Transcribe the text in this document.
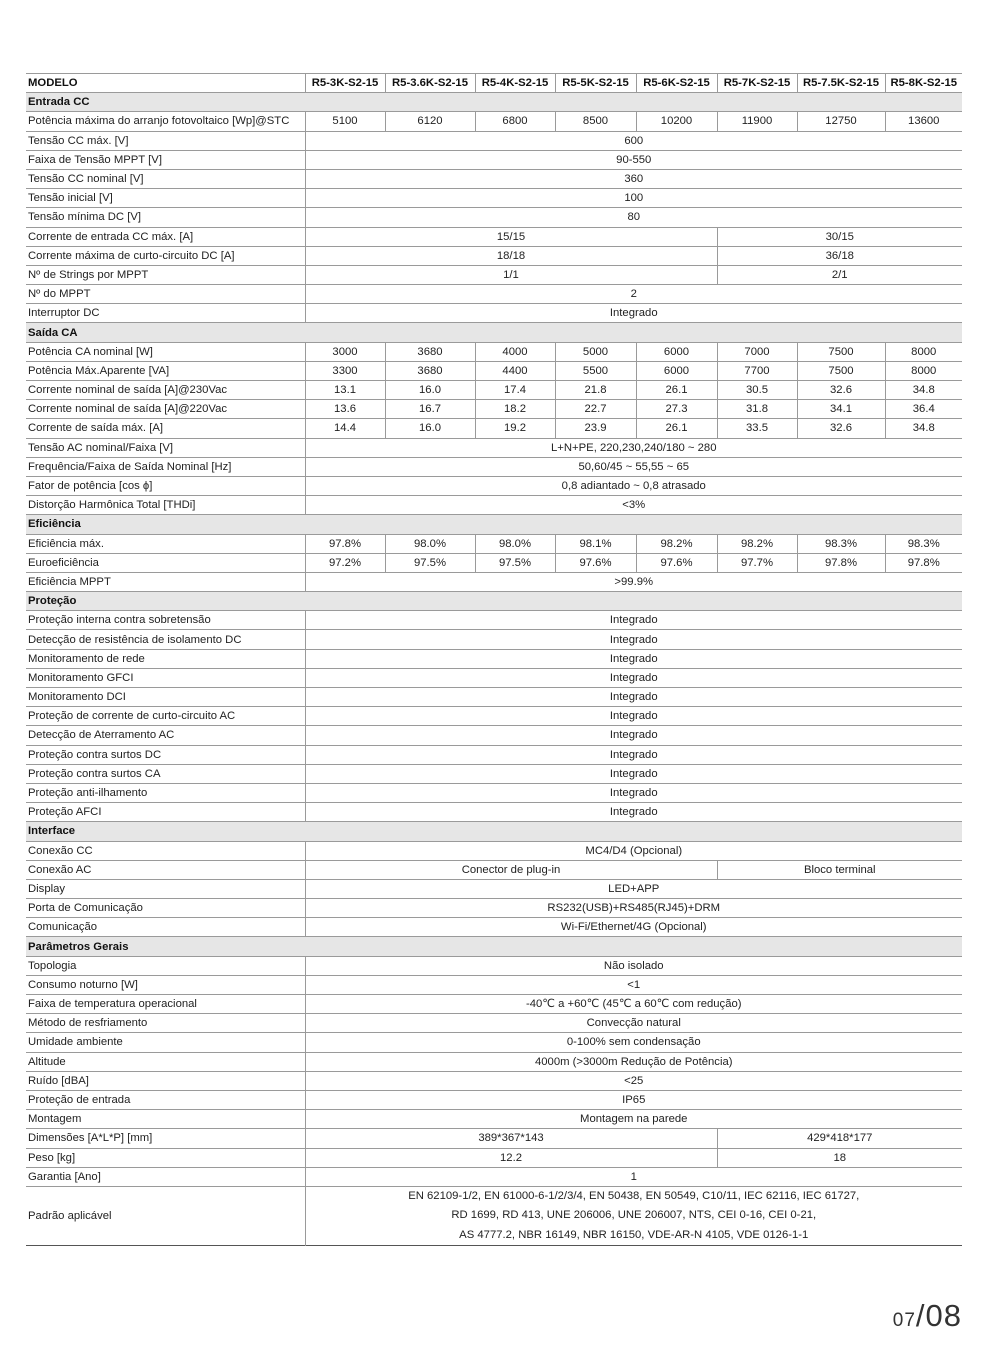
MODELO	R5-3K-S2-15	R5-3.6K-S2-15	R5-4K-S2-15	R5-5K-S2-15	R5-6K-S2-15	R5-7K-S2-15	R5-7.5K-S2-15	R5-8K-S2-15
Entrada CC								
Potência máxima do arranjo fotovoltaico [Wp]@STC	5100	6120	6800	8500	10200	11900	12750	13600
Tensão CC máx. [V]	600							
Faixa de Tensão MPPT [V]	90-550							
Tensão CC nominal [V]	360							
Tensão inicial [V]	100							
Tensão mínima DC [V]	80							
Corrente de entrada CC máx. [A]	15/15					30/15		
Corrente máxima de curto-circuito DC [A]	18/18					36/18		
Nº de Strings por MPPT	1/1					2/1		
Nº do MPPT	2							
Interruptor DC	Integrado							
Saída CA								
Potência CA nominal [W]	3000	3680	4000	5000	6000	7000	7500	8000
Potência Máx.Aparente [VA]	3300	3680	4400	5500	6000	7700	7500	8000
Corrente nominal de saída [A]@230Vac	13.1	16.0	17.4	21.8	26.1	30.5	32.6	34.8
Corrente nominal de saída [A]@220Vac	13.6	16.7	18.2	22.7	27.3	31.8	34.1	36.4
Corrente de saída máx. [A]	14.4	16.0	19.2	23.9	26.1	33.5	32.6	34.8
Tensão AC nominal/Faixa [V]	L+N+PE, 220,230,240/180 ~ 280							
Frequência/Faixa de Saída Nominal [Hz]	50,60/45 ~ 55,55 ~ 65							
Fator de potência [cos ϕ]	0,8 adiantado ~ 0,8 atrasado							
Distorção Harmônica Total [THDi]	<3%							
Eficiência								
Eficiência máx.	97.8%	98.0%	98.0%	98.1%	98.2%	98.2%	98.3%	98.3%
Euroeficiência	97.2%	97.5%	97.5%	97.6%	97.6%	97.7%	97.8%	97.8%
Eficiência MPPT	>99.9%							
Proteção								
Proteção interna contra sobretensão	Integrado							
Detecção de resistência de isolamento DC	Integrado							
Monitoramento de rede	Integrado							
Monitoramento GFCI	Integrado							
Monitoramento DCI	Integrado							
Proteção de corrente de curto-circuito AC	Integrado							
Detecção de Aterramento AC	Integrado							
Proteção contra surtos DC	Integrado							
Proteção contra surtos CA	Integrado							
Proteção anti-ilhamento	Integrado							
Proteção AFCI	Integrado							
Interface								
Conexão CC	MC4/D4 (Opcional)							
Conexão AC	Conector de plug-in					Bloco terminal		
Display	LED+APP							
Porta de Comunicação	RS232(USB)+RS485(RJ45)+DRM							
Comunicação	Wi-Fi/Ethernet/4G (Opcional)							
Parâmetros Gerais								
Topologia	Não isolado							
Consumo noturno [W]	<1							
Faixa de temperatura operacional	-40℃ a +60℃ (45℃ a 60℃ com redução)							
Método de resfriamento	Convecção natural							
Umidade ambiente	0-100% sem condensação							
Altitude	4000m (>3000m Redução de Potência)							
Ruído [dBA]	<25							
Proteção de entrada	IP65							
Montagem	Montagem na parede							
Dimensões [A*L*P] [mm]	389*367*143					429*418*177		
Peso [kg]	12.2					18		
Garantia [Ano]	1							
Padrão aplicável	EN 62109-1/2, EN 61000-6-1/2/3/4, EN 50438, EN 50549, C10/11, IEC 62116, IEC 61727,
RD 1699, RD 413, UNE 206006, UNE 206007, NTS, CEI 0-16, CEI 0-21,
AS 4777.2, NBR 16149, NBR 16150, VDE-AR-N 4105, VDE 0126-1-1							
07/08
